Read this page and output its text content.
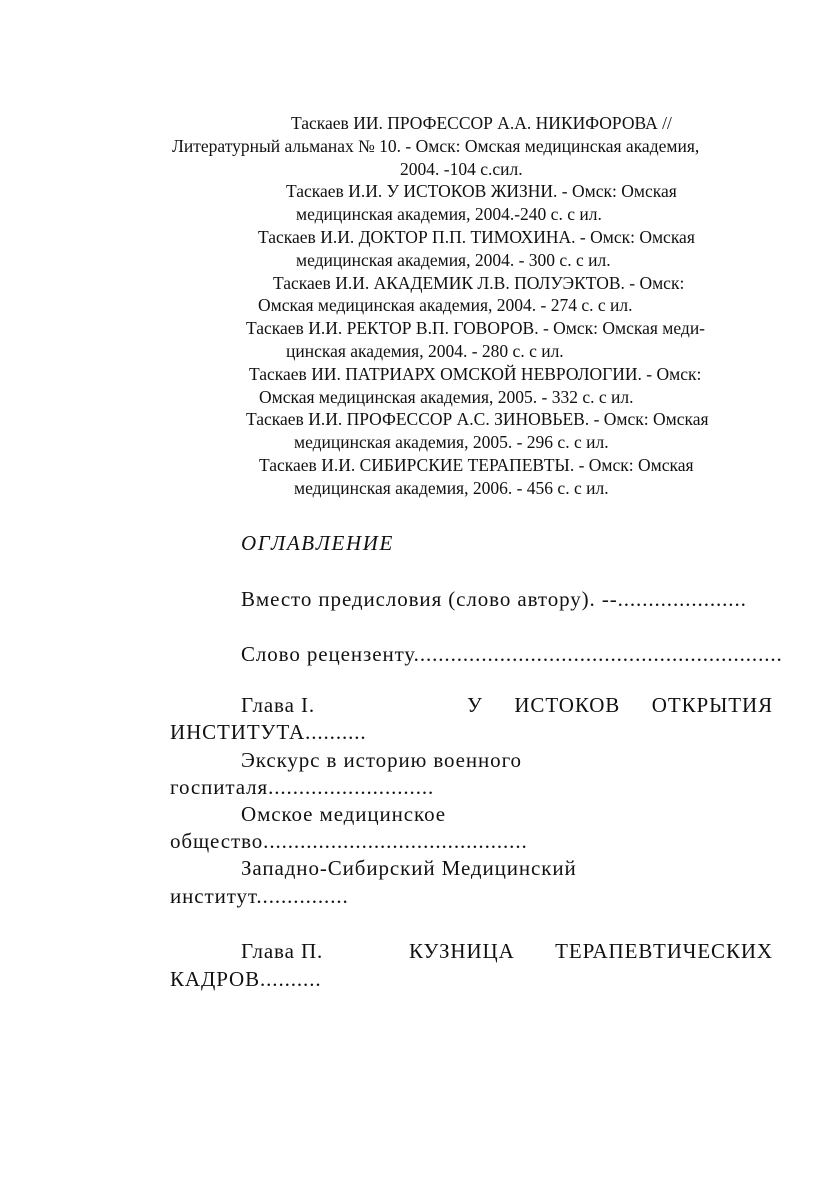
Таскаев ИИ. ПРОФЕССОР А.А. НИКИФОРОВА //
Литературный альманах № 10. - Омск: Омская медицинская академия,
2004. -104 с.сил.
Таскаев И.И. У ИСТОКОВ ЖИЗНИ. - Омск: Омская
медицинская академия, 2004.-240 с. с ил.
Таскаев И.И. ДОКТОР П.П. ТИМОХИНА. - Омск: Омская
медицинская академия, 2004. - 300 с. с ил.
Таскаев И.И. АКАДЕМИК Л.В. ПОЛУЭКТОВ. - Омск:
Омская медицинская академия, 2004. - 274 с. с ил.
Таскаев И.И. РЕКТОР В.П. ГОВОРОВ. - Омск: Омская меди-
цинская академия, 2004. - 280 с. с ил.
Таскаев ИИ. ПАТРИАРХ ОМСКОЙ НЕВРОЛОГИИ. - Омск:
Омская медицинская академия, 2005. - 332 с. с ил.
Таскаев И.И. ПРОФЕССОР А.С. ЗИНОВЬЕВ. - Омск: Омская
медицинская академия, 2005. - 296 с. с ил.
Таскаев И.И. СИБИРСКИЕ ТЕРАПЕВТЫ. - Омск: Омская
медицинская академия, 2006. - 456 с. с ил.
ОГЛАВЛЕНИЕ
Вместо предисловия (слово автору). --.....................
Слово рецензенту............................................................
Глава I.	У ИСТОКОВ ОТКРЫТИЯ
ИНСТИТУТА..........
Экскурс в историю военного
госпиталя...........................
Омское медицинское
общество...........................................
Западно-Сибирский Медицинский
институт...............
Глава П.	КУЗНИЦА ТЕРАПЕВТИЧЕСКИХ
КАДРОВ..........
